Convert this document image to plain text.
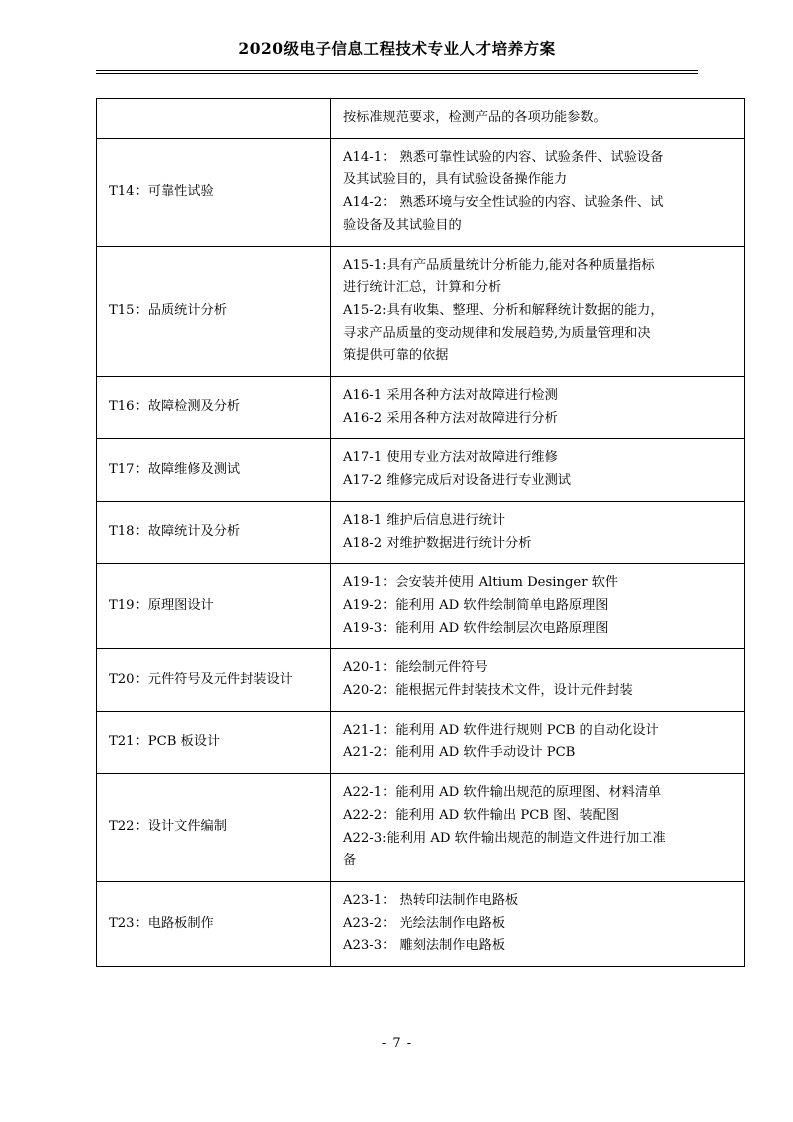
2020级电子信息工程技术专业人才培养方案

	按标准规范要求，检测产品的各项功能参数。

T14：可靠性试验	A14-1： 熟悉可靠性试验的内容、试验条件、试验设备
及其试验目的，具有试验设备操作能力
A14-2： 熟悉环境与安全性试验的内容、试验条件、试
验设备及其试验目的

T15：品质统计分析	A15-1:具有产品质量统计分析能力,能对各种质量指标
进行统计汇总，计算和分析
A15-2:具有收集、整理、分析和解释统计数据的能力，
寻求产品质量的变动规律和发展趋势,为质量管理和决
策提供可靠的依据

T16：故障检测及分析	A16-1 采用各种方法对故障进行检测
A16-2 采用各种方法对故障进行分析

T17：故障维修及测试	A17-1 使用专业方法对故障进行维修
A17-2 维修完成后对设备进行专业测试

T18：故障统计及分析	A18-1 维护后信息进行统计
A18-2 对维护数据进行统计分析

T19：原理图设计	A19-1：会安装并使用 Altium Desinger 软件
A19-2：能利用 AD 软件绘制简单电路原理图
A19-3：能利用 AD 软件绘制层次电路原理图

T20：元件符号及元件封装设计	A20-1：能绘制元件符号
A20-2：能根据元件封装技术文件，设计元件封装

T21：PCB 板设计	A21-1：能利用 AD 软件进行规则 PCB 的自动化设计
A21-2：能利用 AD 软件手动设计 PCB

T22：设计文件编制	A22-1：能利用 AD 软件输出规范的原理图、材料清单
A22-2：能利用 AD 软件输出 PCB 图、装配图
A22-3:能利用 AD 软件输出规范的制造文件进行加工准
备

T23：电路板制作	A23-1： 热转印法制作电路板
A23-2： 光绘法制作电路板
A23-3： 雕刻法制作电路板
- 7 -
